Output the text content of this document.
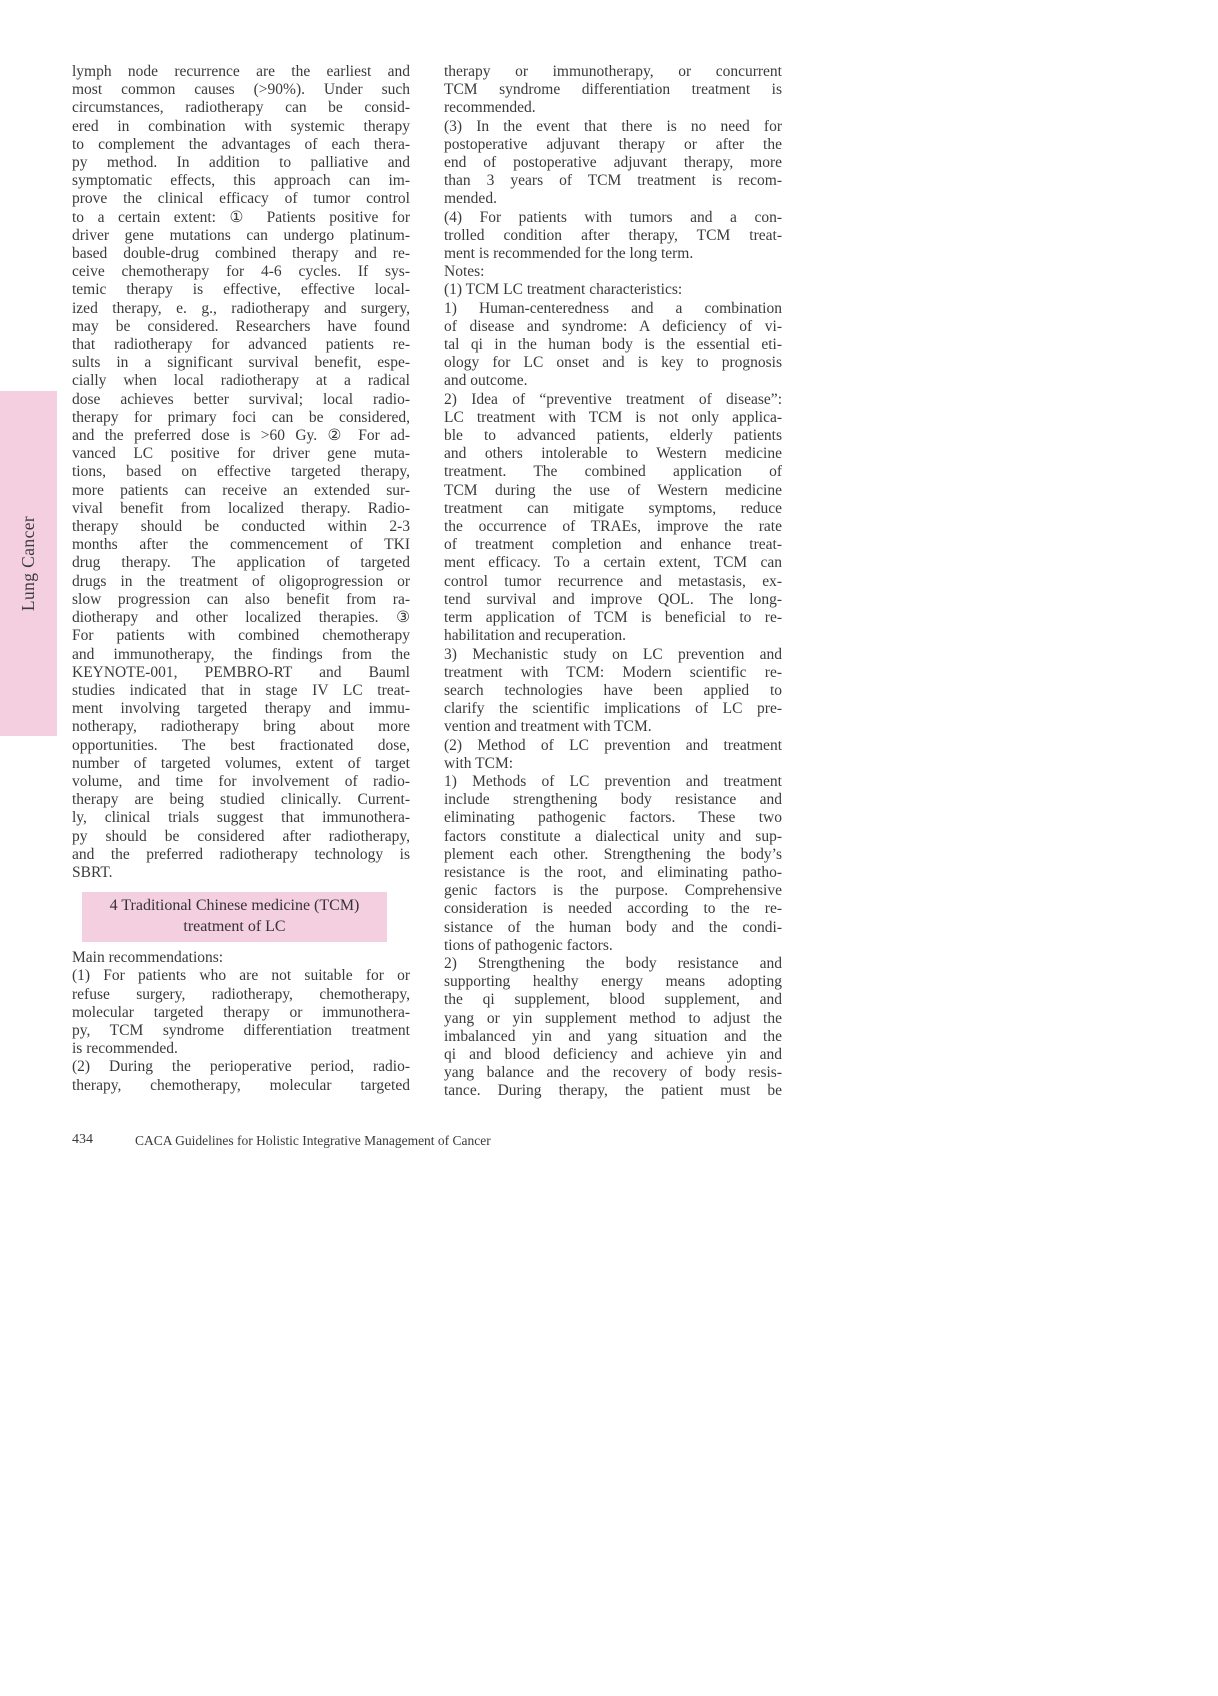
Lung Cancer
lymph node recurrence are the earliest and
most common causes (>90%). Under such
circumstances, radiotherapy can be consid-
ered in combination with systemic therapy
to complement the advantages of each thera-
py method. In addition to palliative and
symptomatic effects, this approach can im-
prove the clinical efficacy of tumor control
to a certain extent: ① Patients positive for
driver gene mutations can undergo platinum-
based double-drug combined therapy and re-
ceive chemotherapy for 4-6 cycles. If sys-
temic therapy is effective, effective local-
ized therapy, e. g., radiotherapy and surgery,
may be considered. Researchers have found
that radiotherapy for advanced patients re-
sults in a significant survival benefit, espe-
cially when local radiotherapy at a radical
dose achieves better survival; local radio-
therapy for primary foci can be considered,
and the preferred dose is >60 Gy. ② For ad-
vanced LC positive for driver gene muta-
tions, based on effective targeted therapy,
more patients can receive an extended sur-
vival benefit from localized therapy. Radio-
therapy should be conducted within 2-3
months after the commencement of TKI
drug therapy. The application of targeted
drugs in the treatment of oligoprogression or
slow progression can also benefit from ra-
diotherapy and other localized therapies. ③
For patients with combined chemotherapy
and immunotherapy, the findings from the
KEYNOTE-001, PEMBRO-RT and Bauml
studies indicated that in stage IV LC treat-
ment involving targeted therapy and immu-
notherapy, radiotherapy bring about more
opportunities. The best fractionated dose,
number of targeted volumes, extent of target
volume, and time for involvement of radio-
therapy are being studied clinically. Current-
ly, clinical trials suggest that immunothera-
py should be considered after radiotherapy,
and the preferred radiotherapy technology is
SBRT.
4 Traditional Chinese medicine (TCM)
treatment of LC
Main recommendations:
(1) For patients who are not suitable for or
refuse surgery, radiotherapy, chemotherapy,
molecular targeted therapy or immunothera-
py, TCM syndrome differentiation treatment
is recommended.
(2) During the perioperative period, radio-
therapy, chemotherapy, molecular targeted
therapy or immunotherapy, or concurrent
TCM syndrome differentiation treatment is
recommended.
(3) In the event that there is no need for
postoperative adjuvant therapy or after the
end of postoperative adjuvant therapy, more
than 3 years of TCM treatment is recom-
mended.
(4) For patients with tumors and a con-
trolled condition after therapy, TCM treat-
ment is recommended for the long term.
Notes:
(1) TCM LC treatment characteristics:
1) Human-centeredness and a combination
of disease and syndrome: A deficiency of vi-
tal qi in the human body is the essential eti-
ology for LC onset and is key to prognosis
and outcome.
2) Idea of “preventive treatment of disease”:
LC treatment with TCM is not only applica-
ble to advanced patients, elderly patients
and others intolerable to Western medicine
treatment. The combined application of
TCM during the use of Western medicine
treatment can mitigate symptoms, reduce
the occurrence of TRAEs, improve the rate
of treatment completion and enhance treat-
ment efficacy. To a certain extent, TCM can
control tumor recurrence and metastasis, ex-
tend survival and improve QOL. The long-
term application of TCM is beneficial to re-
habilitation and recuperation.
3) Mechanistic study on LC prevention and
treatment with TCM: Modern scientific re-
search technologies have been applied to
clarify the scientific implications of LC pre-
vention and treatment with TCM.
(2) Method of LC prevention and treatment
with TCM:
1) Methods of LC prevention and treatment
include strengthening body resistance and
eliminating pathogenic factors. These two
factors constitute a dialectical unity and sup-
plement each other. Strengthening the body’s
resistance is the root, and eliminating patho-
genic factors is the purpose. Comprehensive
consideration is needed according to the re-
sistance of the human body and the condi-
tions of pathogenic factors.
2) Strengthening the body resistance and
supporting healthy energy means adopting
the qi supplement, blood supplement, and
yang or yin supplement method to adjust the
imbalanced yin and yang situation and the
qi and blood deficiency and achieve yin and
yang balance and the recovery of body resis-
tance. During therapy, the patient must be
434	CACA Guidelines for Holistic Integrative Management of Cancer
